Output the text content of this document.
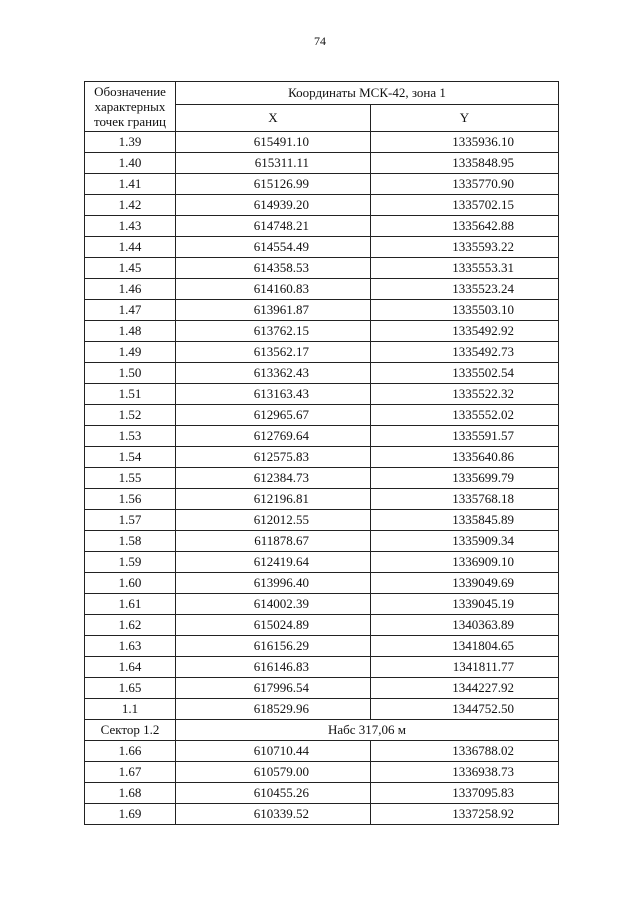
74
Обозначение характерных точек границ	Координаты МСК-42, зона 1	
	X	Y
1.39	615491.10	1335936.10
1.40	615311.11	1335848.95
1.41	615126.99	1335770.90
1.42	614939.20	1335702.15
1.43	614748.21	1335642.88
1.44	614554.49	1335593.22
1.45	614358.53	1335553.31
1.46	614160.83	1335523.24
1.47	613961.87	1335503.10
1.48	613762.15	1335492.92
1.49	613562.17	1335492.73
1.50	613362.43	1335502.54
1.51	613163.43	1335522.32
1.52	612965.67	1335552.02
1.53	612769.64	1335591.57
1.54	612575.83	1335640.86
1.55	612384.73	1335699.79
1.56	612196.81	1335768.18
1.57	612012.55	1335845.89
1.58	611878.67	1335909.34
1.59	612419.64	1336909.10
1.60	613996.40	1339049.69
1.61	614002.39	1339045.19
1.62	615024.89	1340363.89
1.63	616156.29	1341804.65
1.64	616146.83	1341811.77
1.65	617996.54	1344227.92
1.1	618529.96	1344752.50
Сектор 1.2	Набс 317,06 м	
1.66	610710.44	1336788.02
1.67	610579.00	1336938.73
1.68	610455.26	1337095.83
1.69	610339.52	1337258.92
